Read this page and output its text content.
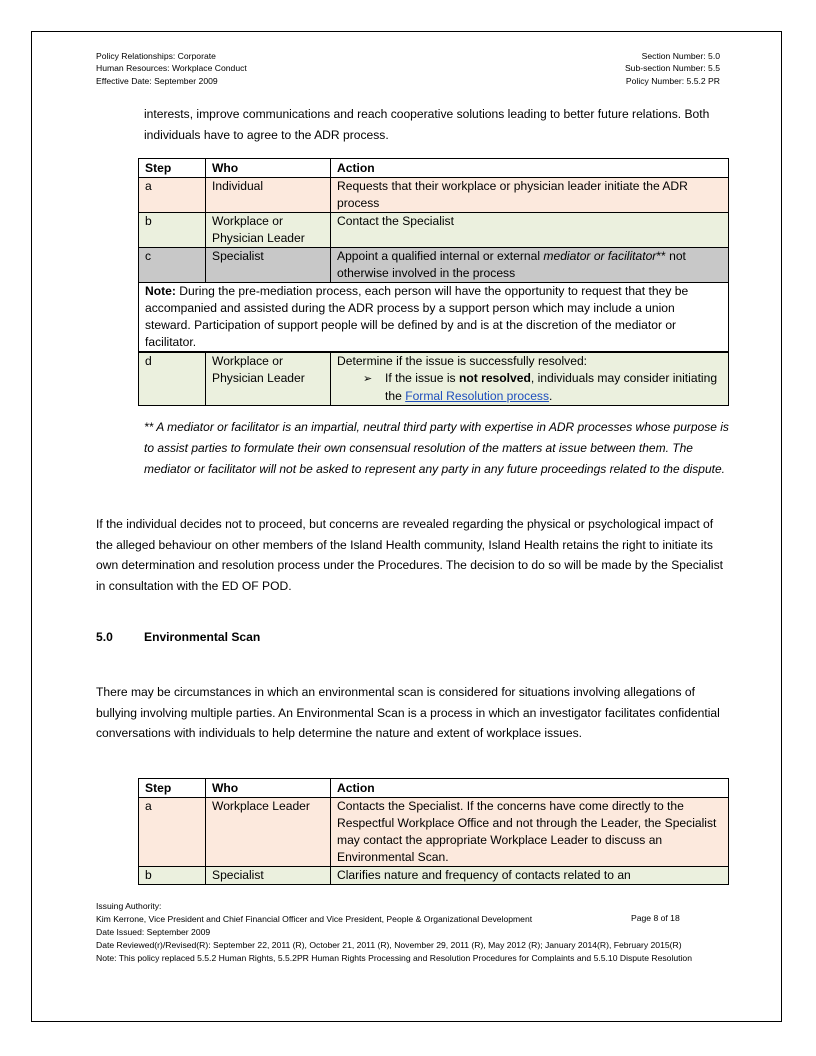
Policy Relationships: Corporate
Human Resources: Workplace Conduct
Effective Date: September 2009
Section Number: 5.0
Sub-section Number: 5.5
Policy Number: 5.5.2 PR

interests, improve communications and reach cooperative solutions leading to better future relations. Both individuals have to agree to the ADR process.

Step	Who	Action
a	Individual	Requests that their workplace or physician leader initiate the ADR process
b	Workplace or Physician Leader	Contact the Specialist
c	Specialist	Appoint a qualified internal or external mediator or facilitator** not otherwise involved in the process
Note: During the pre-mediation process, each person will have the opportunity to request that they be accompanied and assisted during the ADR process by a support person which may include a union steward. Participation of support people will be defined by and is at the discretion of the mediator or facilitator.		
d	Workplace or Physician Leader	Determine if the issue is successfully resolved:
➢ If the issue is not resolved, individuals may consider initiating the Formal Resolution process.

** A mediator or facilitator is an impartial, neutral third party with expertise in ADR processes whose purpose is to assist parties to formulate their own consensual resolution of the matters at issue between them. The mediator or facilitator will not be asked to represent any party in any future proceedings related to the dispute.

If the individual decides not to proceed, but concerns are revealed regarding the physical or psychological impact of the alleged behaviour on other members of the Island Health community, Island Health retains the right to initiate its own determination and resolution process under the Procedures. The decision to do so will be made by the Specialist in consultation with the ED OF POD.

5.0	Environmental Scan

There may be circumstances in which an environmental scan is considered for situations involving allegations of bullying involving multiple parties. An Environmental Scan is a process in which an investigator facilitates confidential conversations with individuals to help determine the nature and extent of workplace issues.

Step	Who	Action
a	Workplace Leader	Contacts the Specialist. If the concerns have come directly to the Respectful Workplace Office and not through the Leader, the Specialist may contact the appropriate Workplace Leader to discuss an Environmental Scan.
b	Specialist	Clarifies nature and frequency of contacts related to an
Issuing Authority:
Kim Kerrone, Vice President and Chief Financial Officer and Vice President, People & Organizational Development
Date Issued: September 2009
Date Reviewed(r)/Revised(R): September 22, 2011 (R), October 21, 2011 (R), November 29, 2011 (R), May 2012 (R); January 2014(R), February 2015(R)
Note: This policy replaced 5.5.2 Human Rights, 5.5.2PR Human Rights Processing and Resolution Procedures for Complaints and 5.5.10 Dispute Resolution
Page 8 of 18
